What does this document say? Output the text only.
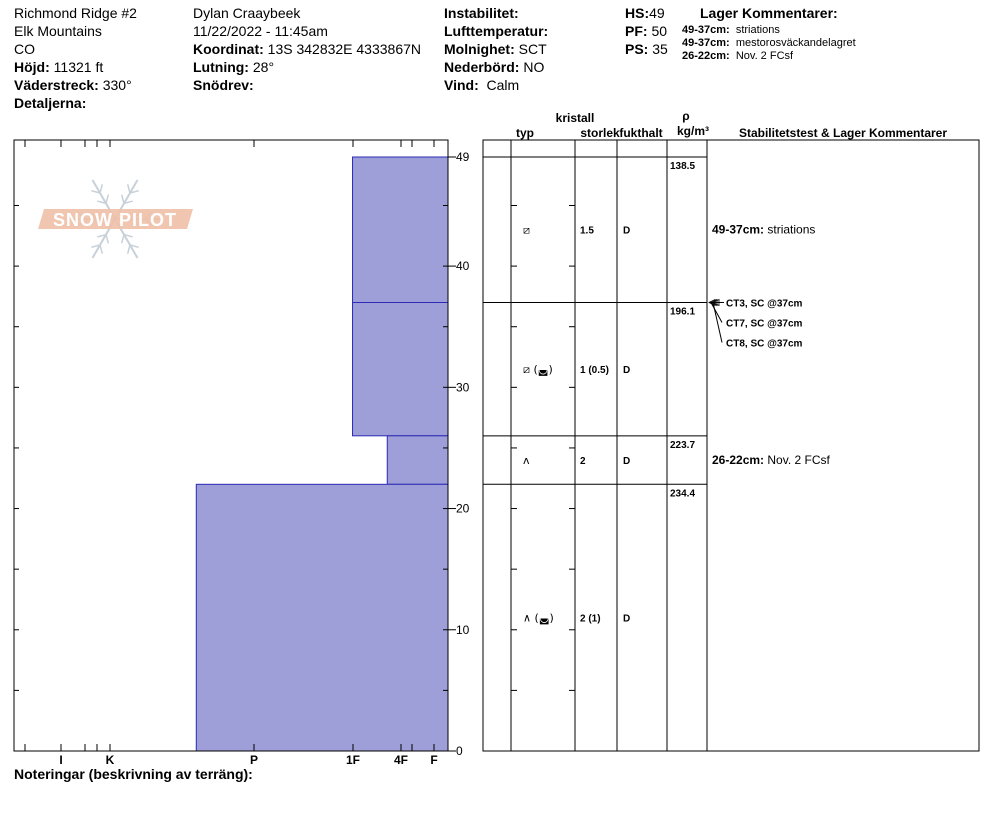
Richmond Ridge #2
Elk Mountains
CO
Höjd: 11321 ft
Väderstreck: 330°
Detaljerna:
Dylan Craaybeek
11/22/2022 - 11:45am
Koordinat: 13S 342832E 4333867N
Lutning: 28°
Snödrev:
Instabilitet:
Lufttemperatur:
Molnighet: SCT
Nederbörd: NO
Vind: Calm
HS:49
PF: 50
PS: 35
Lager Kommentarer:
49-37cm: striations
49-37cm: mestorosväckandelagret
26-22cm: Nov. 2 FCsf
SNOW PILOT
0
10
20
30
40
49
I	K	P	1F	4F F
kristall
typ	storlek fukthalt
ρ
kg/m³ Stabilitetstest & Lager Kommentarer
⧄	1.5	D
138.5
49-37cm: striations
⧄ (◛)	1 (0.5) D
196.1
ʌ	2	D
223.7
26-22cm: Nov. 2 FCsf
∧ (◛)	2 (1) D
234.4
CT3, SC @37cm
CT7, SC @37cm
CT8, SC @37cm
Noteringar (beskrivning av terräng):
